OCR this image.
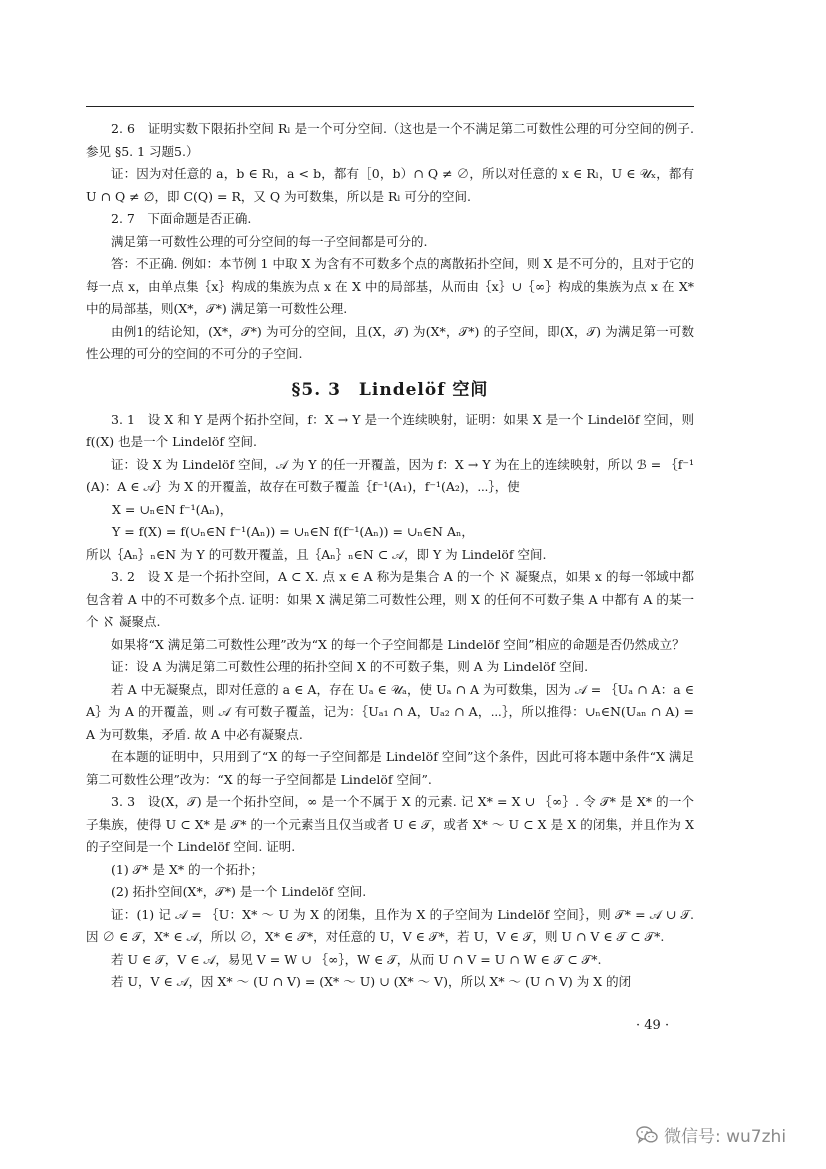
2. 6　证明实数下限拓扑空间 Rₗ 是一个可分空间.（这也是一个不满足第二可数性公理的可分空间的例子. 参见 §5. 1 习题5.）

证：因为对任意的 a，b ∈ Rₗ，a < b，都有［0，b）∩ Q ≠ ∅，所以对任意的 x ∈ Rₗ，U ∈ 𝒰ₓ，都有 U ∩ Q ≠ ∅，即 C(Q) = R，又 Q 为可数集，所以是 Rₗ 可分的空间.

2. 7　下面命题是否正确.

满足第一可数性公理的可分空间的每一子空间都是可分的.

答：不正确. 例如：本节例 1 中取 X 为含有不可数多个点的离散拓扑空间，则 X 是不可分的，且对于它的每一点 x，由单点集｛x｝构成的集族为点 x 在 X 中的局部基，从而由｛x｝∪｛∞｝构成的集族为点 x 在 X* 中的局部基，则(X*，𝒯*) 满足第一可数性公理.

由例1的结论知，(X*，𝒯*) 为可分的空间，且(X，𝒯) 为(X*，𝒯*) 的子空间，即(X，𝒯) 为满足第一可数性公理的可分的空间的不可分的子空间.

§5. 3　Lindelöf 空间

3. 1　设 X 和 Y 是两个拓扑空间，f：X → Y 是一个连续映射，证明：如果 X 是一个 Lindelöf 空间，则 f((X) 也是一个 Lindelöf 空间.

证：设 X 为 Lindelöf 空间，𝒜 为 Y 的任一开覆盖，因为 f：X → Y 为在上的连续映射，所以 ℬ = ｛f⁻¹(A)：A ∈ 𝒜｝为 X 的开覆盖，故存在可数子覆盖｛f⁻¹(A₁)，f⁻¹(A₂)，⋯｝，使

X = ∪ₙ∈N f⁻¹(Aₙ)，

Y = f(X) = f(∪ₙ∈N f⁻¹(Aₙ)) = ∪ₙ∈N f(f⁻¹(Aₙ)) = ∪ₙ∈N Aₙ，

所以｛Aₙ｝ₙ∈N 为 Y 的可数开覆盖，且｛Aₙ｝ₙ∈N ⊂ 𝒜，即 Y 为 Lindelöf 空间.

3. 2　设 X 是一个拓扑空间，A ⊂ X. 点 x ∈ A 称为是集合 A 的一个 ℵ 凝聚点，如果 x 的每一邻域中都包含着 A 中的不可数多个点. 证明：如果 X 满足第二可数性公理，则 X 的任何不可数子集 A 中都有 A 的某一个 ℵ 凝聚点.

如果将“X 满足第二可数性公理”改为“X 的每一个子空间都是 Lindelöf 空间”相应的命题是否仍然成立？

证：设 A 为满足第二可数性公理的拓扑空间 X 的不可数子集，则 A 为 Lindelöf 空间.

若 A 中无凝聚点，即对任意的 a ∈ A，存在 Uₐ ∈ 𝒰ₐ，使 Uₐ ∩ A 为可数集，因为 𝒜 = ｛Uₐ ∩ A：a ∈ A｝为 A 的开覆盖，则 𝒜 有可数子覆盖，记为：｛Uₐ₁ ∩ A，Uₐ₂ ∩ A，⋯｝，所以推得：∪ₙ∈N(Uₐₙ ∩ A) = A 为可数集，矛盾. 故 A 中必有凝聚点.

在本题的证明中，只用到了“X 的每一子空间都是 Lindelöf 空间”这个条件，因此可将本题中条件“X 满足第二可数性公理”改为：“X 的每一子空间都是 Lindelöf 空间”.

3. 3　设(X，𝒯) 是一个拓扑空间，∞ 是一个不属于 X 的元素. 记 X* = X ∪ ｛∞｝. 令 𝒯* 是 X* 的一个子集族，使得 U ⊂ X* 是 𝒯* 的一个元素当且仅当或者 U ∈ 𝒯，或者 X* ～ U ⊂ X 是 X 的闭集，并且作为 X 的子空间是一个 Lindelöf 空间. 证明.

(1) 𝒯* 是 X* 的一个拓扑；

(2) 拓扑空间(X*，𝒯*) 是一个 Lindelöf 空间.

证：(1) 记 𝒜 = ｛U：X* ～ U 为 X 的闭集，且作为 X 的子空间为 Lindelöf 空间｝，则 𝒯* = 𝒜 ∪ 𝒯. 因 ∅ ∈ 𝒯，X* ∈ 𝒜，所以 ∅，X* ∈ 𝒯*，对任意的 U，V ∈ 𝒯*，若 U，V ∈ 𝒯，则 U ∩ V ∈ 𝒯 ⊂ 𝒯*.

若 U ∈ 𝒯，V ∈ 𝒜，易见 V = W ∪ ｛∞｝，W ∈ 𝒯，从而 U ∩ V = U ∩ W ∈ 𝒯 ⊂ 𝒯*.

若 U，V ∈ 𝒜，因 X* ～ (U ∩ V) = (X* ～ U) ∪ (X* ～ V)，所以 X* ～ (U ∩ V) 为 X 的闭

· 49 ·
微信号: wu7zhi
